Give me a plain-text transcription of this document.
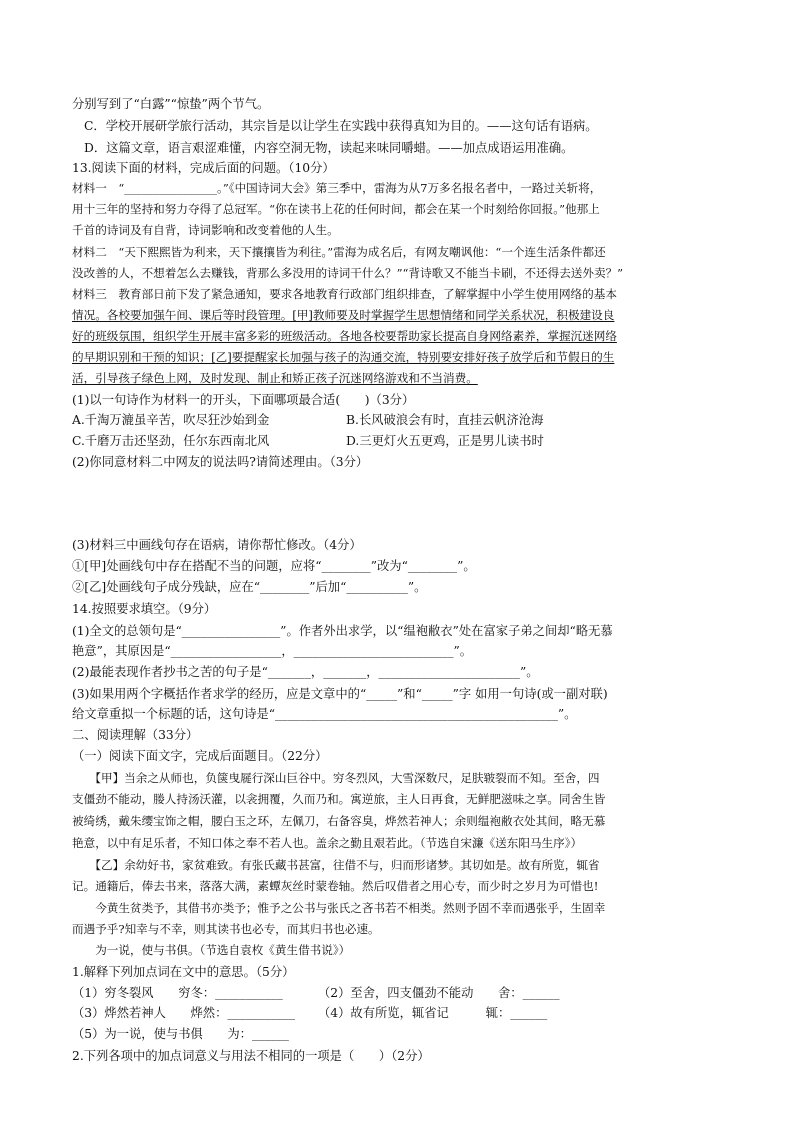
分别写到了“白露”“惊蛰”两个节气。
C．学校开展研学旅行活动，其宗旨是以让学生在实践中获得真知为目的。——这句话有语病。
D．这篇文章，语言艰涩难懂，内容空洞无物，读起来味同嚼蜡。——加点成语运用准确。
13.阅读下面的材料，完成后面的问题。（10分）
材料一　“________________。”《中国诗词大会》第三季中，雷海为从7万多名报名者中，一路过关斩将，
用十三年的坚持和努力夺得了总冠军。“你在读书上花的任何时间，都会在某一个时刻给你回报。”他那上
千首的诗词及有自背，诗词影响和改变着他的人生。
材料二　“天下熙熙皆为利来，天下攘攘皆为利往。”雷海为成名后，有网友嘲讽他：“一个连生活条件都还
没改善的人，不想着怎么去赚钱，背那么多没用的诗词干什么？”“背诗歌又不能当卡刷，不还得去送外卖？”
材料三　教育部日前下发了紧急通知，要求各地教育行政部门组织排查，了解掌握中小学生使用网络的基本
情况。各校要加强午间、课后等时段管理。[甲]教师要及时掌握学生思想情绪和同学关系状况，积极建设良
好的班级氛围，组织学生开展丰富多彩的班级活动。各地各校要帮助家长提高自身网络素养，掌握沉迷网络
的早期识别和干预的知识；[乙]要提醒家长加强与孩子的沟通交流，特别要安排好孩子放学后和节假日的生
活，引导孩子绿色上网，及时发现、制止和矫正孩子沉迷网络游戏和不当消费。
(1)以一句诗作为材料一的开头，下面哪项最合适(　　)（3分）
A.千淘万漉虽辛苦，吹尽狂沙始到金	B.长风破浪会有时，直挂云帆济沧海
C.千磨万击还坚劲，任尔东西南北风	D.三更灯火五更鸡，正是男儿读书时
(2)你同意材料二中网友的说法吗?请简述理由。（3分）
(3)材料三中画线句存在语病，请你帮忙修改。（4分）
①[甲]处画线句中存在搭配不当的问题，应将“________”改为“________”。
②[乙]处画线句子成分残缺，应在“________”后加“__________”。
14.按照要求填空。（9分）
(1)全文的总领句是“________________”。作者外出求学，以“缊袍敝衣”处在富家子弟之间却“略无慕
艳意”，其原因是“__________________，__________________________”。
(2)最能表现作者抄书之苦的句子是“_______，_______，_______________________”。
(3)如果用两个字概括作者求学的经历，应是文章中的“_____”和“_____”字 如用一句诗(或一副对联)
给文章重拟一个标题的话，这句诗是“______________________________________________”。
二、阅读理解（33分）
（一）阅读下面文字，完成后面题目。（22分）
　　【甲】当余之从师也，负箧曳屣行深山巨谷中。穷冬烈风，大雪深数尺，足肤皲裂而不知。至舍，四
支僵劲不能动，媵人持汤沃灌，以衾拥覆，久而乃和。寓逆旅，主人日再食，无鲜肥滋味之享。同舍生皆
被绮绣，戴朱缨宝饰之帽，腰白玉之环，左佩刀，右备容臭，烨然若神人；余则缊袍敝衣处其间，略无慕
艳意，以中有足乐者，不知口体之奉不若人也。盖余之勤且艰若此。（节选自宋濂《送东阳马生序》）
　　【乙】余幼好书，家贫难致。有张氏藏书甚富，往借不与，归而形诸梦。其切如是。故有所览，辄省
记。通籍后，俸去书来，落落大满，素蟫灰丝时蒙卷轴。然后叹借者之用心专，而少时之岁月为可惜也!
　　今黄生贫类予，其借书亦类予；惟予之公书与张氏之吝书若不相类。然则予固不幸而遇张乎，生固幸
而遇予乎?知幸与不幸，则其读书也必专，而其归书也必速。
　　为一说，使与书俱。（节选自袁枚《黄生借书说》）
1.解释下列加点词在文中的意思。（5分）
（1）穷冬裂风　　穷冬：___________	（2）至舍，四支僵劲不能动　　舍：______
（3）烨然若神人　　烨然：___________ （4）故有所览，辄省记　　　辄：______
（5）为一说，使与书俱　　为：______
2.下列各项中的加点词意义与用法不相同的一项是（　　）（2分）
